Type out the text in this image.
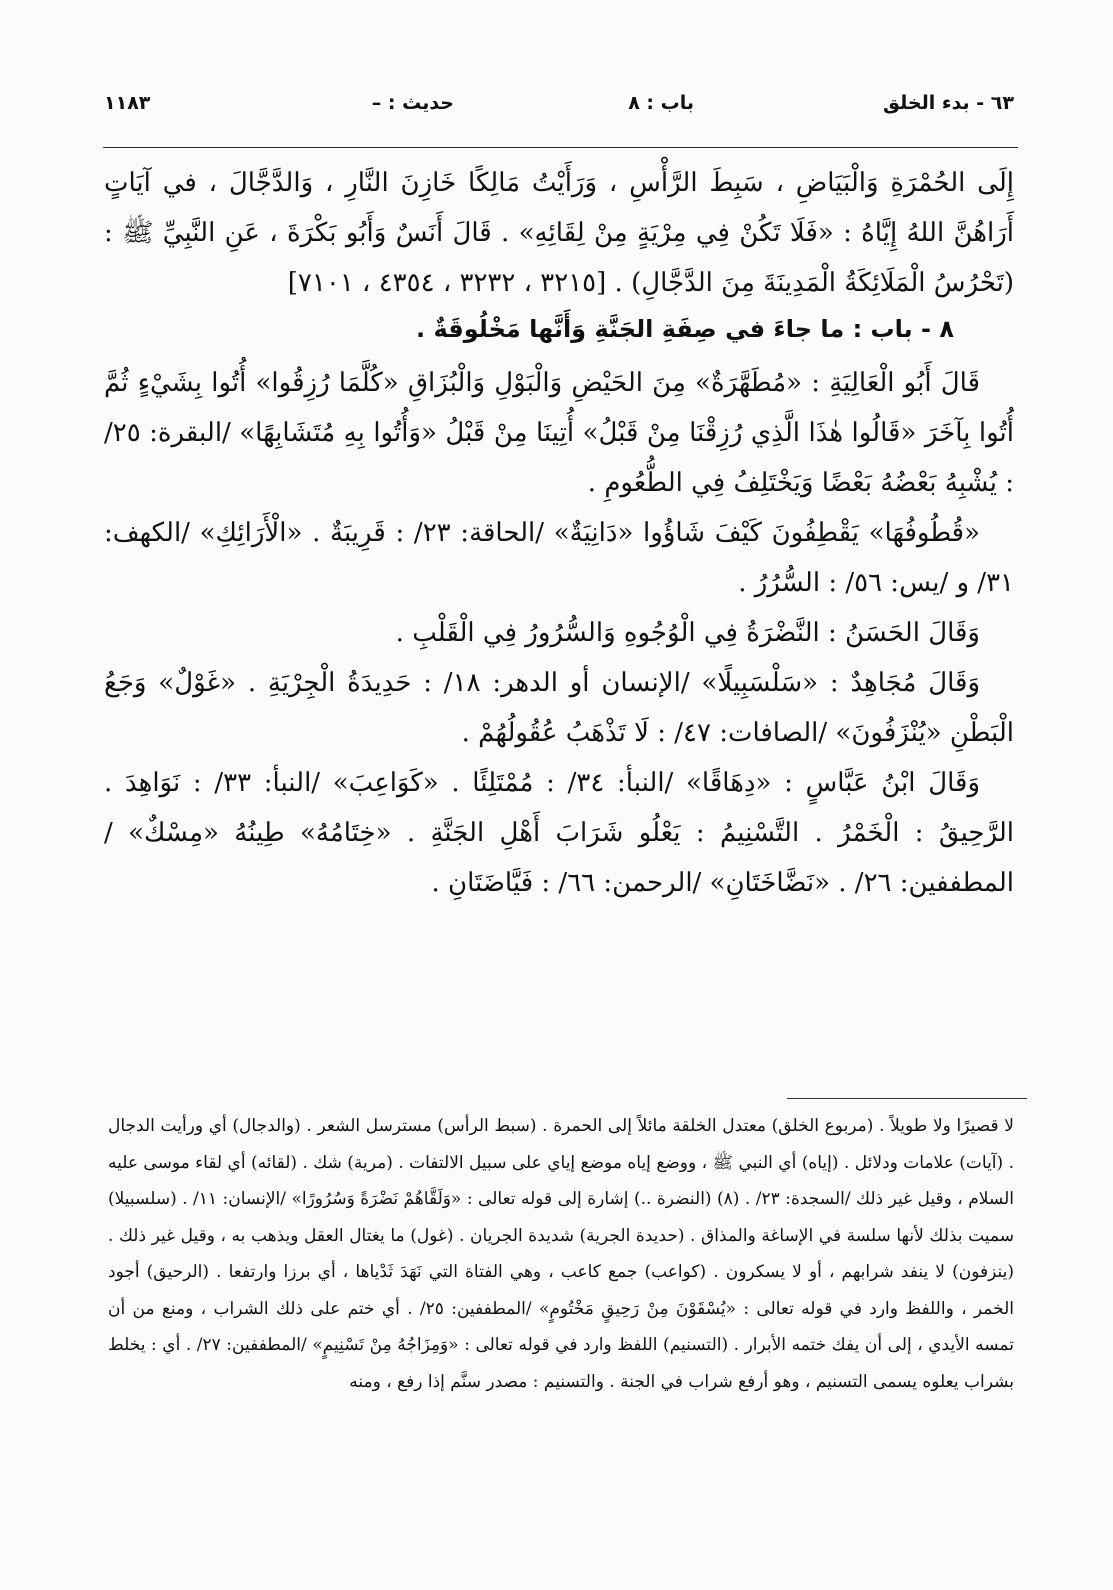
٦٣ - بدء الخلق
باب : ٨
حديث : –
١١٨٣

إِلَى الحُمْرَةِ وَالْبَيَاضِ ، سَبِطَ الرَّأْسِ ، وَرَأَيْتُ مَالِكًا خَازِنَ النَّارِ ، وَالدَّجَّالَ ، في آيَاتٍ أَرَاهُنَّ اللهُ إِيَّاهُ : «فَلَا تَكُنْ فِي مِرْيَةٍ مِنْ لِقَائِهِ» . قَالَ أَنَسٌ وَأَبُو بَكْرَةَ ، عَنِ النَّبِيِّ ﷺ : (تَحْرُسُ الْمَلَائِكَةُ الْمَدِينَةَ مِنَ الدَّجَّالِ) . [٣٢١٥ ، ٣٢٣٢ ، ٤٣٥٤ ، ٧١٠١]

٨ - باب : ما جاءَ في صِفَةِ الجَنَّةِ وَأَنَّها مَخْلُوقَةٌ .

قَالَ أَبُو الْعَالِيَةِ : «مُطَهَّرَةٌ» مِنَ الحَيْضِ وَالْبَوْلِ وَالْبُزَاقِ «كُلَّمَا رُزِقُوا» أُتُوا بِشَيْءٍ ثُمَّ أُتُوا بِآخَرَ «قَالُوا هٰذَا الَّذِي رُزِقْنَا مِنْ قَبْلُ» أُتِينَا مِنْ قَبْلُ «وَأُتُوا بِهِ مُتَشَابِهًا» /البقرة: ٢٥/ : يُشْبِهُ بَعْضُهُ بَعْضًا وَيَخْتَلِفُ فِي الطُّعُومِ .

«قُطُوفُهَا» يَقْطِفُونَ كَيْفَ شَاؤُوا «دَانِيَةٌ» /الحاقة: ٢٣/ : قَرِيبَةٌ . «الْأَرَائِكِ» /الكهف: ٣١/ و /يس: ٥٦/ : السُّرُرُ .

وَقَالَ الحَسَنُ : النَّضْرَةُ فِي الْوُجُوهِ وَالسُّرُورُ فِي الْقَلْبِ .

وَقَالَ مُجَاهِدٌ : «سَلْسَبِيلًا» /الإنسان أو الدهر: ١٨/ : حَدِيدَةُ الْجِرْيَةِ . «غَوْلٌ» وَجَعُ الْبَطْنِ «يُنْزَفُونَ» /الصافات: ٤٧/ : لَا تَذْهَبُ عُقُولُهُمْ .

وَقَالَ ابْنُ عَبَّاسٍ : «دِهَاقًا» /النبأ: ٣٤/ : مُمْتَلِئًا . «كَوَاعِبَ» /النبأ: ٣٣/ : نَوَاهِدَ . الرَّحِيقُ : الْخَمْرُ . التَّسْنِيمُ : يَعْلُو شَرَابَ أَهْلِ الجَنَّةِ . «خِتَامُهُ» طِينُهُ «مِسْكٌ» /المطففين: ٢٦/ . «نَضَّاخَتَانِ» /الرحمن: ٦٦/ : فَيَّاضَتَانِ .

لا قصيرًا ولا طويلاً . (مربوع الخلق) معتدل الخلقة مائلاً إلى الحمرة . (سبط الرأس) مسترسل الشعر . (والدجال) أي ورأيت الدجال . (آيات) علامات ودلائل . (إياه) أي النبي ﷺ ، ووضع إياه موضع إياي على سبيل الالتفات . (مرية) شك . (لقائه) أي لقاء موسى عليه السلام ، وقيل غير ذلك /السجدة: ٢٣/ . (٨) (النضرة ..) إشارة إلى قوله تعالى : «وَلَقَّاهُمْ نَضْرَةً وَسُرُورًا» /الإنسان: ١١/ . (سلسبيلا) سميت بذلك لأنها سلسة في الإساغة والمذاق . (حديدة الجرية) شديدة الجريان . (غول) ما يغتال العقل ويذهب به ، وقيل غير ذلك . (ينزفون) لا ينفد شرابهم ، أو لا يسكرون . (كواعب) جمع كاعب ، وهي الفتاة التي نَهَدَ ثَدْياها ، أي برزا وارتفعا . (الرحيق) أجود الخمر ، واللفظ وارد في قوله تعالى : «يُسْقَوْنَ مِنْ رَحِيقٍ مَخْتُومٍ» /المطففين: ٢٥/ . أي ختم على ذلك الشراب ، ومنع من أن تمسه الأيدي ، إلى أن يفك ختمه الأبرار . (التسنيم) اللفظ وارد في قوله تعالى : «وَمِزَاجُهُ مِنْ تَسْنِيمٍ» /المطففين: ٢٧/ . أي : يخلط بشراب يعلوه يسمى التسنيم ، وهو أرفع شراب في الجنة . والتسنيم : مصدر سنَّم إذا رفع ، ومنه
